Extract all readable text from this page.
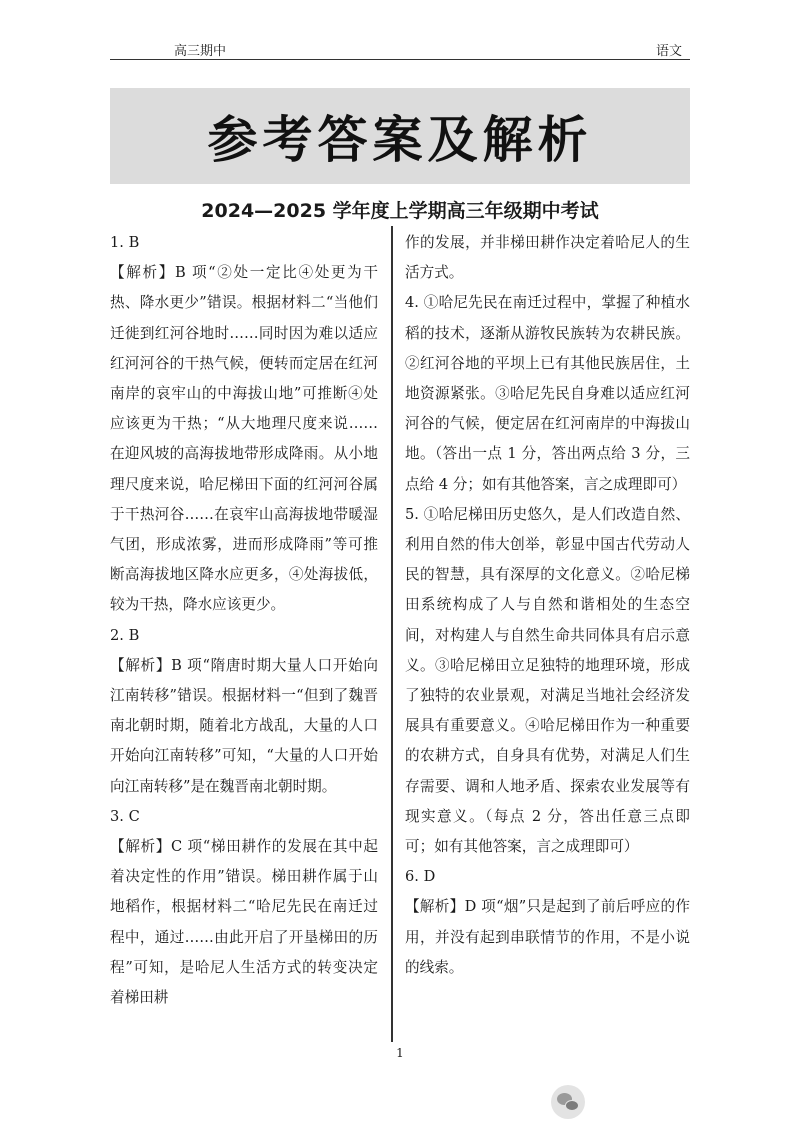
高三期中	语文
参考答案及解析
2024—2025 学年度上学期高三年级期中考试
1. B
【解析】B 项“②处一定比④处更为干热、降水更少”错误。根据材料二“当他们迁徙到红河谷地时……同时因为难以适应红河河谷的干热气候，便转而定居在红河南岸的哀牢山的中海拔山地”可推断④处应该更为干热；“从大地理尺度来说……在迎风坡的高海拔地带形成降雨。从小地理尺度来说，哈尼梯田下面的红河河谷属于干热河谷……在哀牢山高海拔地带暖湿气团，形成浓雾，进而形成降雨”等可推断高海拔地区降水应更多，④处海拔低，较为干热，降水应该更少。
2. B
【解析】B 项“隋唐时期大量人口开始向江南转移”错误。根据材料一“但到了魏晋南北朝时期，随着北方战乱，大量的人口开始向江南转移”可知，“大量的人口开始向江南转移”是在魏晋南北朝时期。
3. C
【解析】C 项“梯田耕作的发展在其中起着决定性的作用”错误。梯田耕作属于山地稻作，根据材料二“哈尼先民在南迁过程中，通过……由此开启了开垦梯田的历程”可知，是哈尼人生活方式的转变决定着梯田耕
作的发展，并非梯田耕作决定着哈尼人的生活方式。
4. ①哈尼先民在南迁过程中，掌握了种植水稻的技术，逐渐从游牧民族转为农耕民族。②红河谷地的平坝上已有其他民族居住，土地资源紧张。③哈尼先民自身难以适应红河河谷的气候，便定居在红河南岸的中海拔山地。（答出一点 1 分，答出两点给 3 分，三点给 4 分；如有其他答案，言之成理即可）
5. ①哈尼梯田历史悠久，是人们改造自然、利用自然的伟大创举，彰显中国古代劳动人民的智慧，具有深厚的文化意义。②哈尼梯田系统构成了人与自然和谐相处的生态空间，对构建人与自然生命共同体具有启示意义。③哈尼梯田立足独特的地理环境，形成了独特的农业景观，对满足当地社会经济发展具有重要意义。④哈尼梯田作为一种重要的农耕方式，自身具有优势，对满足人们生存需要、调和人地矛盾、探索农业发展等有现实意义。（每点 2 分，答出任意三点即可；如有其他答案，言之成理即可）
6. D
【解析】D 项“烟”只是起到了前后呼应的作用，并没有起到串联情节的作用，不是小说的线索。
1
